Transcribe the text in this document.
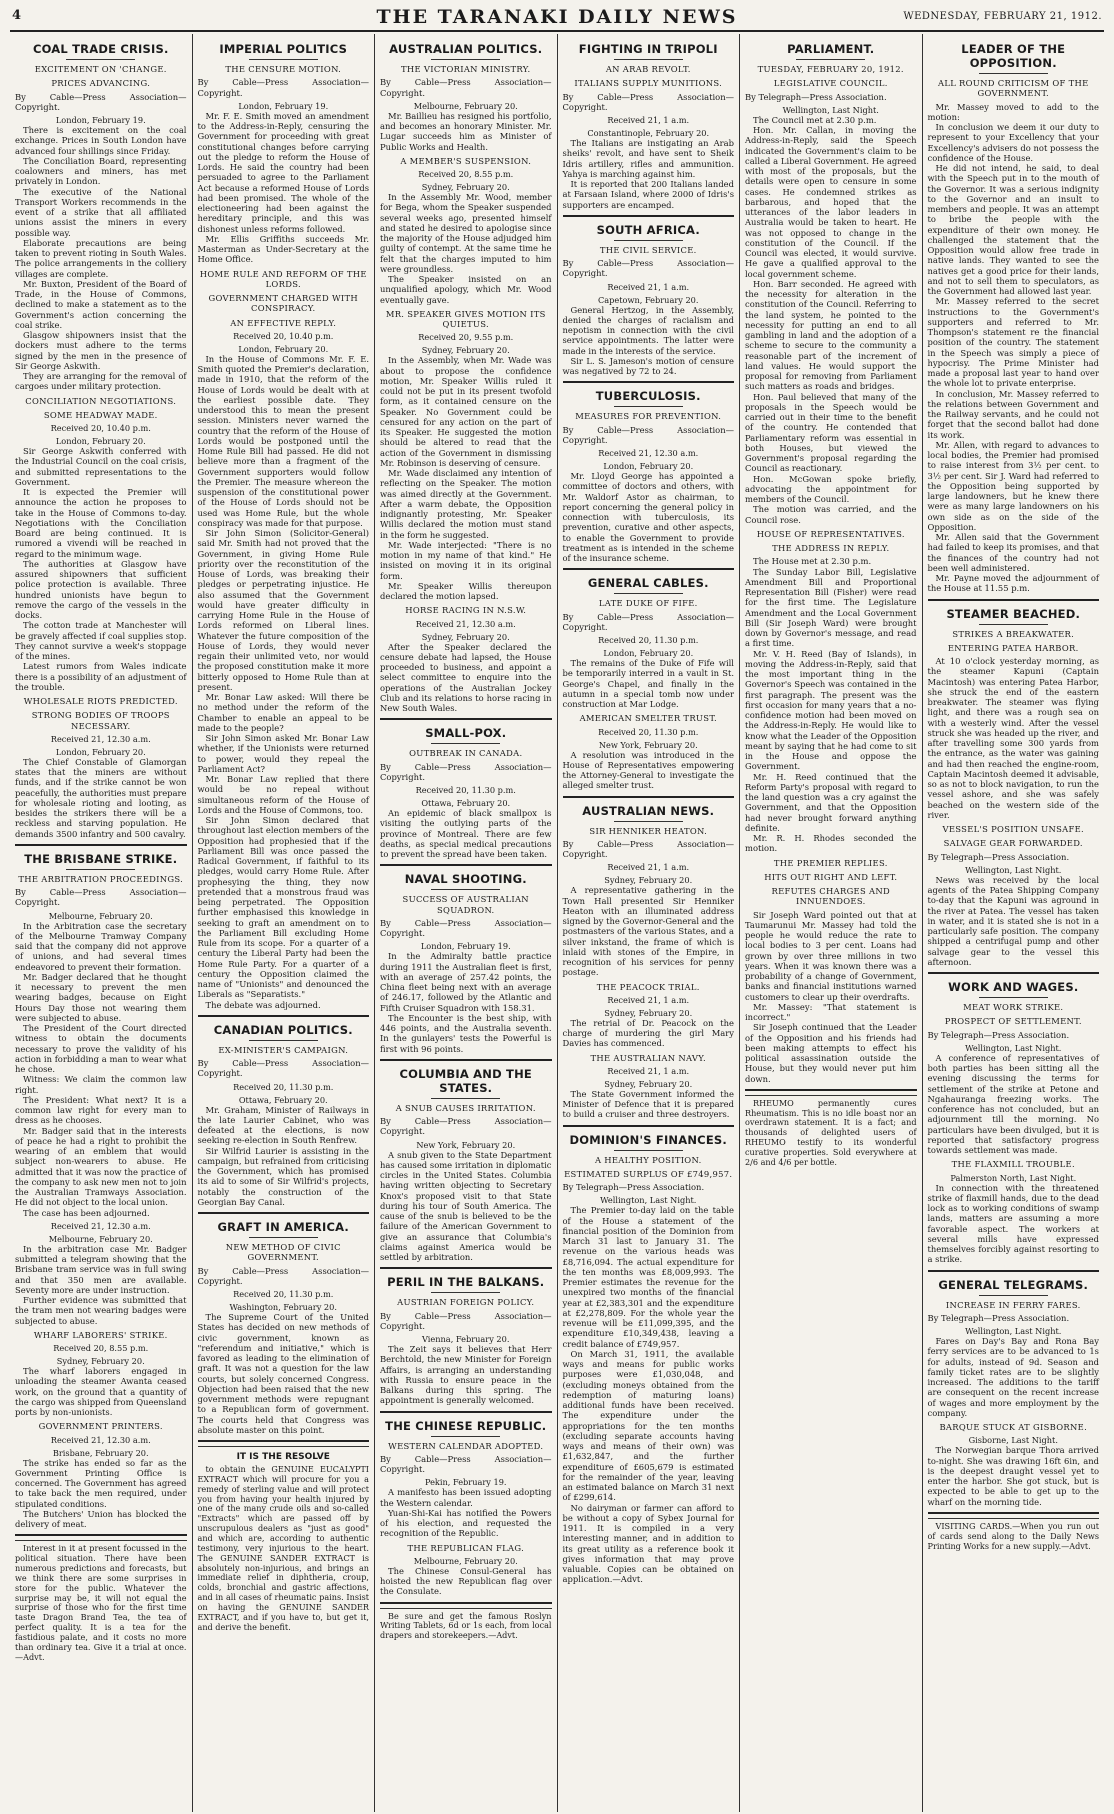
4	THE TARANAKI DAILY NEWS	WEDNESDAY, FEBRUARY 21, 1912.
COAL TRADE CRISIS.
EXCITEMENT ON 'CHANGE.
PRICES ADVANCING.
By Cable—Press Association—Copyright.
London, February 19.
There is excitement on the coal exchange. Prices in South London have advanced four shillings since Friday.
The Conciliation Board, representing coalowners and miners, has met privately in London.
The executive of the National Transport Workers recommends in the event of a strike that all affiliated unions assist the miners in every possible way.
Elaborate precautions are being taken to prevent rioting in South Wales. The police arrangements in the colliery villages are complete.
Mr. Buxton, President of the Board of Trade, in the House of Commons, declined to make a statement as to the Government's action concerning the coal strike.
Glasgow shipowners insist that the dockers must adhere to the terms signed by the men in the presence of Sir George Askwith.
They are arranging for the removal of cargoes under military protection.
CONCILIATION NEGOTIATIONS.
SOME HEADWAY MADE.
Received 20, 10.40 p.m.
London, February 20.
Sir George Askwith conferred with the Industrial Council on the coal crisis, and submitted representations to the Government.
It is expected the Premier will announce the action he proposes to take in the House of Commons to-day. Negotiations with the Conciliation Board are being continued. It is rumored a vivendi will be reached in regard to the minimum wage.
The authorities at Glasgow have assured shipowners that sufficient police protection is available. Three hundred unionists have begun to remove the cargo of the vessels in the docks.
The cotton trade at Manchester will be gravely affected if coal supplies stop. They cannot survive a week's stoppage of the mines.
Latest rumors from Wales indicate there is a possibility of an adjustment of the trouble.
WHOLESALE RIOTS PREDICTED.
STRONG BODIES OF TROOPS NECESSARY.
Received 21, 12.30 a.m.
London, February 20.
The Chief Constable of Glamorgan states that the miners are without funds, and if the strike cannot be won peacefully, the authorities must prepare for wholesale rioting and looting, as besides the strikers there will be a reckless and starving population. He demands 3500 infantry and 500 cavalry.
THE BRISBANE STRIKE.
THE ARBITRATION PROCEEDINGS.
By Cable—Press Association—Copyright.
Melbourne, February 20.
In the Arbitration case the secretary of the Melbourne Tramway Company said that the company did not approve of unions, and had several times endeavored to prevent their formation.
Mr. Badger declared that he thought it necessary to prevent the men wearing badges, because on Eight Hours Day those not wearing them were subjected to abuse.
The President of the Court directed witness to obtain the documents necessary to prove the validity of his action in forbidding a man to wear what he chose.
Witness: We claim the common law right.
The President: What next? It is a common law right for every man to dress as he chooses.
Mr. Badger said that in the interests of peace he had a right to prohibit the wearing of an emblem that would subject non-wearers to abuse. He admitted that it was now the practice of the company to ask new men not to join the Australian Tramways Association. He did not object to the local union.
The case has been adjourned.
Received 21, 12.30 a.m.
Melbourne, February 20.
In the arbitration case Mr. Badger submitted a telegram showing that the Brisbane tram service was in full swing and that 350 men are available. Seventy more are under instruction.
Further evidence was submitted that the tram men not wearing badges were subjected to abuse.
WHARF LABORERS' STRIKE.
Received 20, 8.55 p.m.
Sydney, February 20.
The wharf laborers engaged in unloading the steamer Awanta ceased work, on the ground that a quantity of the cargo was shipped from Queensland ports by non-unionists.
GOVERNMENT PRINTERS.
Received 21, 12.30 a.m.
Brisbane, February 20.
The strike has ended so far as the Government Printing Office is concerned. The Government has agreed to take back the men required, under stipulated conditions.
The Butchers' Union has blocked the delivery of meat.
Interest in it at present focussed in the political situation. There have been numerous predictions and forecasts, but we think there are some surprises in store for the public. Whatever the surprise may be, it will not equal the surprise of those who for the first time taste Dragon Brand Tea, the tea of perfect quality. It is a tea for the fastidious palate, and it costs no more than ordinary tea. Give it a trial at once.—Advt.
IMPERIAL POLITICS
THE CENSURE MOTION.
By Cable—Press Association—Copyright.
London, February 19.
Mr. F. E. Smith moved an amendment to the Address-in-Reply, censuring the Government for proceeding with great constitutional changes before carrying out the pledge to reform the House of Lords. He said the country had been persuaded to agree to the Parliament Act because a reformed House of Lords had been promised. The whole of the electioneering had been against the hereditary principle, and this was dishonest unless reforms followed.
Mr. Ellis Griffiths succeeds Mr. Masterman as Under-Secretary at the Home Office.
HOME RULE AND REFORM OF THE LORDS.
GOVERNMENT CHARGED WITH CONSPIRACY.
AN EFFECTIVE REPLY.
Received 20, 10.40 p.m.
London, February 20.
In the House of Commons Mr. F. E. Smith quoted the Premier's declaration, made in 1910, that the reform of the House of Lords would be dealt with at the earliest possible date. They understood this to mean the present session. Ministers never warned the country that the reform of the House of Lords would be postponed until the Home Rule Bill had passed. He did not believe more than a fragment of the Government supporters would follow the Premier. The measure whereon the suspension of the constitutional power of the House of Lords should not be used was Home Rule, but the whole conspiracy was made for that purpose.
Sir John Simon (Solicitor-General) said Mr. Smith had not proved that the Government, in giving Home Rule priority over the reconstitution of the House of Lords, was breaking their pledges or perpetrating injustice. He also assumed that the Government would have greater difficulty in carrying Home Rule in the House of Lords reformed on Liberal lines. Whatever the future composition of the House of Lords, they would never regain their unlimited veto, nor would the proposed constitution make it more bitterly opposed to Home Rule than at present.
Mr. Bonar Law asked: Will there be no method under the reform of the Chamber to enable an appeal to be made to the people?
Sir John Simon asked Mr. Bonar Law whether, if the Unionists were returned to power, would they repeal the Parliament Act?
Mr. Bonar Law replied that there would be no repeal without simultaneous reform of the House of Lords and the House of Commons, too.
Sir John Simon declared that throughout last election members of the Opposition had prophesied that if the Parliament Bill was once passed the Radical Government, if faithful to its pledges, would carry Home Rule. After prophesying the thing, they now pretended that a monstrous fraud was being perpetrated. The Opposition further emphasised this knowledge in seeking to graft an amendment on to the Parliament Bill excluding Home Rule from its scope. For a quarter of a century the Liberal Party had been the Home Rule Party. For a quarter of a century the Opposition claimed the name of "Unionists" and denounced the Liberals as "Separatists."
The debate was adjourned.
CANADIAN POLITICS.
EX-MINISTER'S CAMPAIGN.
By Cable—Press Association—Copyright.
Received 20, 11.30 p.m.
Ottawa, February 20.
Mr. Graham, Minister of Railways in the late Laurier Cabinet, who was defeated at the elections, is now seeking re-election in South Renfrew.
Sir Wilfrid Laurier is assisting in the campaign, but refrained from criticising the Government, which has promised its aid to some of Sir Wilfrid's projects, notably the construction of the Georgian Bay Canal.
GRAFT IN AMERICA.
NEW METHOD OF CIVIC GOVERNMENT.
By Cable—Press Association—Copyright.
Received 20, 11.30 p.m.
Washington, February 20.
The Supreme Court of the United States has decided on new methods of civic government, known as "referendum and initiative," which is favored as leading to the elimination of graft. It was not a question for the law courts, but solely concerned Congress. Objection had been raised that the new government methods were repugnant to a Republican form of government. The courts held that Congress was absolute master on this point.
IT IS THE RESOLVE
to obtain the GENUINE EUCALYPTI EXTRACT which will procure for you a remedy of sterling value and will protect you from having your health injured by one of the many crude oils and so-called "Extracts" which are passed off by unscrupulous dealers as "just as good" and which are, according to authentic testimony, very injurious to the heart. The GENUINE SANDER EXTRACT is absolutely non-injurious, and brings an immediate relief in diphtheria, croup, colds, bronchial and gastric affections, and in all cases of rheumatic pains. Insist on having the GENUINE SANDER EXTRACT, and if you have to, but get it, and derive the benefit.
AUSTRALIAN POLITICS.
THE VICTORIAN MINISTRY.
By Cable—Press Association—Copyright.
Melbourne, February 20.
Mr. Baillieu has resigned his portfolio, and becomes an honorary Minister. Mr. Lugar succeeds him as Minister of Public Works and Health.
A MEMBER'S SUSPENSION.
Received 20, 8.55 p.m.
Sydney, February 20.
In the Assembly Mr. Wood, member for Bega, whom the Speaker suspended several weeks ago, presented himself and stated he desired to apologise since the majority of the House adjudged him guilty of contempt. At the same time he felt that the charges imputed to him were groundless.
The Speaker insisted on an unqualified apology, which Mr. Wood eventually gave.
MR. SPEAKER GIVES MOTION ITS QUIETUS.
Received 20, 9.55 p.m.
Sydney, February 20.
In the Assembly, when Mr. Wade was about to propose the confidence motion, Mr. Speaker Willis ruled it could not be put in its present twofold form, as it contained censure on the Speaker. No Government could be censured for any action on the part of its Speaker. He suggested the motion should be altered to read that the action of the Government in dismissing Mr. Robinson is deserving of censure.
Mr. Wade disclaimed any intention of reflecting on the Speaker. The motion was aimed directly at the Government. After a warm debate, the Opposition indignantly protesting, Mr. Speaker Willis declared the motion must stand in the form he suggested.
Mr. Wade interjected: "There is no motion in my name of that kind." He insisted on moving it in its original form.
Mr. Speaker Willis thereupon declared the motion lapsed.
HORSE RACING IN N.S.W.
Received 21, 12.30 a.m.
Sydney, February 20.
After the Speaker declared the censure debate had lapsed, the House proceeded to business, and appoint a select committee to enquire into the operations of the Australian Jockey Club and its relations to horse racing in New South Wales.
SMALL-POX.
OUTBREAK IN CANADA.
By Cable—Press Association—Copyright.
Received 20, 11.30 p.m.
Ottawa, February 20.
An epidemic of black smallpox is visiting the outlying parts of the province of Montreal. There are few deaths, as special medical precautions to prevent the spread have been taken.
NAVAL SHOOTING.
SUCCESS OF AUSTRALIAN SQUADRON.
By Cable—Press Association—Copyright.
London, February 19.
In the Admiralty battle practice during 1911 the Australian fleet is first, with an average of 257.42 points, the China fleet being next with an average of 246.17, followed by the Atlantic and Fifth Cruiser Squadron with 158.31.
The Encounter is the best ship, with 446 points, and the Australia seventh. In the gunlayers' tests the Powerful is first with 96 points.
COLUMBIA AND THE STATES.
A SNUB CAUSES IRRITATION.
By Cable—Press Association—Copyright.
New York, February 20.
A snub given to the State Department has caused some irritation in diplomatic circles in the United States. Columbia having written objecting to Secretary Knox's proposed visit to that State during his tour of South America. The cause of the snub is believed to be the failure of the American Government to give an assurance that Columbia's claims against America would be settled by arbitration.
PERIL IN THE BALKANS.
AUSTRIAN FOREIGN POLICY.
By Cable—Press Association—Copyright.
Vienna, February 20.
The Zeit says it believes that Herr Berchtold, the new Minister for Foreign Affairs, is arranging an understanding with Russia to ensure peace in the Balkans during this spring. The appointment is generally welcomed.
THE CHINESE REPUBLIC.
WESTERN CALENDAR ADOPTED.
By Cable—Press Association—Copyright.
Pekin, February 19.
A manifesto has been issued adopting the Western calendar.
Yuan-Shi-Kai has notified the Powers of his election, and requested the recognition of the Republic.
THE REPUBLICAN FLAG.
Melbourne, February 20.
The Chinese Consul-General has hoisted the new Republican flag over the Consulate.
Be sure and get the famous Roslyn Writing Tablets, 6d or 1s each, from local drapers and storekeepers.—Advt.
FIGHTING IN TRIPOLI
AN ARAB REVOLT.
ITALIANS SUPPLY MUNITIONS.
By Cable—Press Association—Copyright.
Received 21, 1 a.m.
Constantinople, February 20.
The Italians are instigating an Arab sheiks' revolt, and have sent to Sheik Idris artillery, rifles and ammunition. Yahya is marching against him.
It is reported that 200 Italians landed at Farsaan Island, where 2000 of Idris's supporters are encamped.
SOUTH AFRICA.
THE CIVIL SERVICE.
By Cable—Press Association—Copyright.
Received 21, 1 a.m.
Capetown, February 20.
General Hertzog, in the Assembly, denied the charges of racialism and nepotism in connection with the civil service appointments. The latter were made in the interests of the service.
Sir L. S. Jameson's motion of censure was negatived by 72 to 24.
TUBERCULOSIS.
MEASURES FOR PREVENTION.
By Cable—Press Association—Copyright.
Received 21, 12.30 a.m.
London, February 20.
Mr. Lloyd George has appointed a committee of doctors and others, with Mr. Waldorf Astor as chairman, to report concerning the general policy in connection with tuberculosis, its prevention, curative and other aspects, to enable the Government to provide treatment as is intended in the scheme of the insurance scheme.
GENERAL CABLES.
LATE DUKE OF FIFE.
By Cable—Press Association—Copyright.
Received 20, 11.30 p.m.
London, February 20.
The remains of the Duke of Fife will be temporarily interred in a vault in St. George's Chapel, and finally in the autumn in a special tomb now under construction at Mar Lodge.
AMERICAN SMELTER TRUST.
Received 20, 11.30 p.m.
New York, February 20.
A resolution was introduced in the House of Representatives empowering the Attorney-General to investigate the alleged smelter trust.
AUSTRALIAN NEWS.
SIR HENNIKER HEATON.
By Cable—Press Association—Copyright.
Received 21, 1 a.m.
Sydney, February 20.
A representative gathering in the Town Hall presented Sir Henniker Heaton with an illuminated address signed by the Governor-General and the postmasters of the various States, and a silver inkstand, the frame of which is inlaid with stones of the Empire, in recognition of his services for penny postage.
THE PEACOCK TRIAL.
Received 21, 1 a.m.
Sydney, February 20.
The retrial of Dr. Peacock on the charge of murdering the girl Mary Davies has commenced.
THE AUSTRALIAN NAVY.
Received 21, 1 a.m.
Sydney, February 20.
The State Government informed the Minister of Defence that it is prepared to build a cruiser and three destroyers.
DOMINION'S FINANCES.
A HEALTHY POSITION.
ESTIMATED SURPLUS OF £749,957.
By Telegraph—Press Association.
Wellington, Last Night.
The Premier to-day laid on the table of the House a statement of the financial position of the Dominion from March 31 last to January 31. The revenue on the various heads was £8,716,094. The actual expenditure for the ten months was £8,009,993. The Premier estimates the revenue for the unexpired two months of the financial year at £2,383,301 and the expenditure at £2,278,809. For the whole year the revenue will be £11,099,395, and the expenditure £10,349,438, leaving a credit balance of £749,957.
On March 31, 1911, the available ways and means for public works purposes were £1,030,048, and (excluding moneys obtained from the redemption of maturing loans) additional funds have been received. The expenditure under the appropriations for the ten months (excluding separate accounts having ways and means of their own) was £1,632,847, and the further expenditure of £605,679 is estimated for the remainder of the year, leaving an estimated balance on March 31 next of £299,614.
No dairyman or farmer can afford to be without a copy of Sybex Journal for 1911. It is compiled in a very interesting manner, and in addition to its great utility as a reference book it gives information that may prove valuable. Copies can be obtained on application.—Advt.
PARLIAMENT.
TUESDAY, FEBRUARY 20, 1912.
LEGISLATIVE COUNCIL.
By Telegraph—Press Association.
Wellington, Last Night.
The Council met at 2.30 p.m.
Hon. Mr. Callan, in moving the Address-in-Reply, said the Speech indicated the Government's claim to be called a Liberal Government. He agreed with most of the proposals, but the details were open to censure in some cases. He condemned strikes as barbarous, and hoped that the utterances of the labor leaders in Australia would be taken to heart. He was not opposed to change in the constitution of the Council. If the Council was elected, it would survive. He gave a qualified approval to the local government scheme.
Hon. Barr seconded. He agreed with the necessity for alteration in the constitution of the Council. Referring to the land system, he pointed to the necessity for putting an end to all gambling in land and the adoption of a scheme to secure to the community a reasonable part of the increment of land values. He would support the proposal for removing from Parliament such matters as roads and bridges.
Hon. Paul believed that many of the proposals in the Speech would be carried out in their time to the benefit of the country. He contended that Parliamentary reform was essential in both Houses, but viewed the Government's proposal regarding the Council as reactionary.
Hon. McGowan spoke briefly, advocating the appointment for members of the Council.
The motion was carried, and the Council rose.
HOUSE OF REPRESENTATIVES.
THE ADDRESS IN REPLY.
The House met at 2.30 p.m.
The Sunday Labor Bill, Legislative Amendment Bill and Proportional Representation Bill (Fisher) were read for the first time. The Legislature Amendment and the Local Government Bill (Sir Joseph Ward) were brought down by Governor's message, and read a first time.
Mr. V. H. Reed (Bay of Islands), in moving the Address-in-Reply, said that the most important thing in the Governor's Speech was contained in the first paragraph. The present was the first occasion for many years that a no-confidence motion had been moved on the Address-in-Reply. He would like to know what the Leader of the Opposition meant by saying that he had come to sit in the House and oppose the Government.
Mr. H. Reed continued that the Reform Party's proposal with regard to the land question was a cry against the Government, and that the Opposition had never brought forward anything definite.
Mr. R. H. Rhodes seconded the motion.
THE PREMIER REPLIES.
HITS OUT RIGHT AND LEFT.
REFUTES CHARGES AND INNUENDOES.
Sir Joseph Ward pointed out that at Taumarunui Mr. Massey had told the people he would reduce the rate to local bodies to 3 per cent. Loans had grown by over three millions in two years. When it was known there was a probability of a change of Government, banks and financial institutions warned customers to clear up their overdrafts.
Mr. Massey: "That statement is incorrect."
Sir Joseph continued that the Leader of the Opposition and his friends had been making attempts to effect his political assassination outside the House, but they would never put him down.
RHEUMO permanently cures Rheumatism. This is no idle boast nor an overdrawn statement. It is a fact; and thousands of delighted users of RHEUMO testify to its wonderful curative properties. Sold everywhere at 2/6 and 4/6 per bottle.
LEADER OF THE OPPOSITION.
ALL ROUND CRITICISM OF THE GOVERNMENT.
Mr. Massey moved to add to the motion:
In conclusion we deem it our duty to represent to your Excellency that your Excellency's advisers do not possess the confidence of the House.
He did not intend, he said, to deal with the Speech put in to the mouth of the Governor. It was a serious indignity to the Governor and an insult to members and people. It was an attempt to bribe the people with the expenditure of their own money. He challenged the statement that the Opposition would allow free trade in native lands. They wanted to see the natives get a good price for their lands, and not to sell them to speculators, as the Government had allowed last year.
Mr. Massey referred to the secret instructions to the Government's supporters and referred to Mr. Thompson's statement re the financial position of the country. The statement in the Speech was simply a piece of hypocrisy. The Prime Minister had made a proposal last year to hand over the whole lot to private enterprise.
In conclusion, Mr. Massey referred to the relations between Government and the Railway servants, and he could not forget that the second ballot had done its work.
Mr. Allen, with regard to advances to local bodies, the Premier had promised to raise interest from 3½ per cent. to 3½ per cent. Sir J. Ward had referred to the Opposition being supported by large landowners, but he knew there were as many large landowners on his own side as on the side of the Opposition.
Mr. Allen said that the Government had failed to keep its promises, and that the finances of the country had not been well administered.
Mr. Payne moved the adjournment of the House at 11.55 p.m.
STEAMER BEACHED.
STRIKES A BREAKWATER.
ENTERING PATEA HARBOR.
At 10 o'clock yesterday morning, as the steamer Kapuni (Captain Macintosh) was entering Patea Harbor, she struck the end of the eastern breakwater. The steamer was flying light, and there was a rough sea on with a westerly wind. After the vessel struck she was headed up the river, and after travelling some 300 yards from the entrance, as the water was gaining and had then reached the engine-room, Captain Macintosh deemed it advisable, so as not to block navigation, to run the vessel ashore, and she was safely beached on the western side of the river.
VESSEL'S POSITION UNSAFE.
SALVAGE GEAR FORWARDED.
By Telegraph—Press Association.
Wellington, Last Night.
News was received by the local agents of the Patea Shipping Company to-day that the Kapuni was aground in the river at Patea. The vessel has taken in water, and it is stated she is not in a particularly safe position. The company shipped a centrifugal pump and other salvage gear to the vessel this afternoon.
WORK AND WAGES.
MEAT WORK STRIKE.
PROSPECT OF SETTLEMENT.
By Telegraph—Press Association.
Wellington, Last Night.
A conference of representatives of both parties has been sitting all the evening discussing the terms for settlement of the strike at Petone and Ngahauranga freezing works. The conference has not concluded, but an adjournment till the morning. No particulars have been divulged, but it is reported that satisfactory progress towards settlement was made.
THE FLAXMILL TROUBLE.
Palmerston North, Last Night.
In connection with the threatened strike of flaxmill hands, due to the dead lock as to working conditions of swamp lands, matters are assuming a more favorable aspect. The workers at several mills have expressed themselves forcibly against resorting to a strike.
GENERAL TELEGRAMS.
INCREASE IN FERRY FARES.
By Telegraph—Press Association.
Wellington, Last Night.
Fares on Day's Bay and Rona Bay ferry services are to be advanced to 1s for adults, instead of 9d. Season and family ticket rates are to be slightly increased. The additions to the tariff are consequent on the recent increase of wages and more employment by the company.
BARQUE STUCK AT GISBORNE.
Gisborne, Last Night.
The Norwegian barque Thora arrived to-night. She was drawing 16ft 6in, and is the deepest draught vessel yet to enter the harbor. She got stuck, but is expected to be able to get up to the wharf on the morning tide.
VISITING CARDS.—When you run out of cards send along to the Daily News Printing Works for a new supply.—Advt.
